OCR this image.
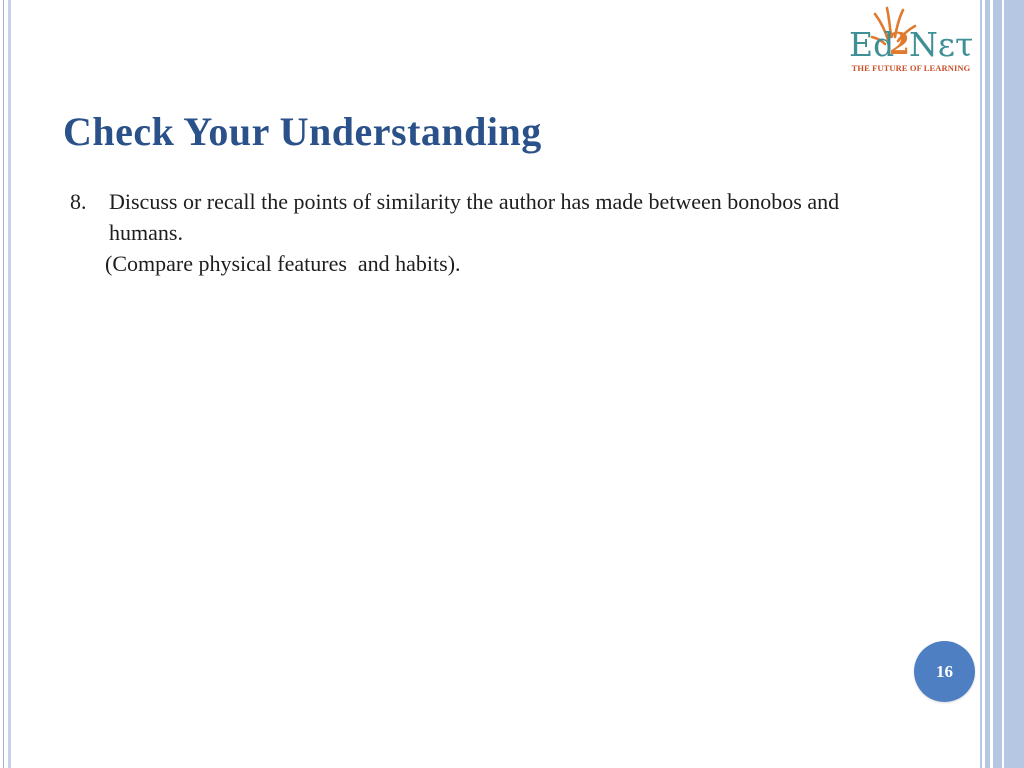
Ed
2 Nετ
THE FUTURE OF LEARNING
Check Your Understanding
8.	Discuss or recall the points of similarity the author has made between bonobos and humans.
(Compare physical features  and habits).
16
